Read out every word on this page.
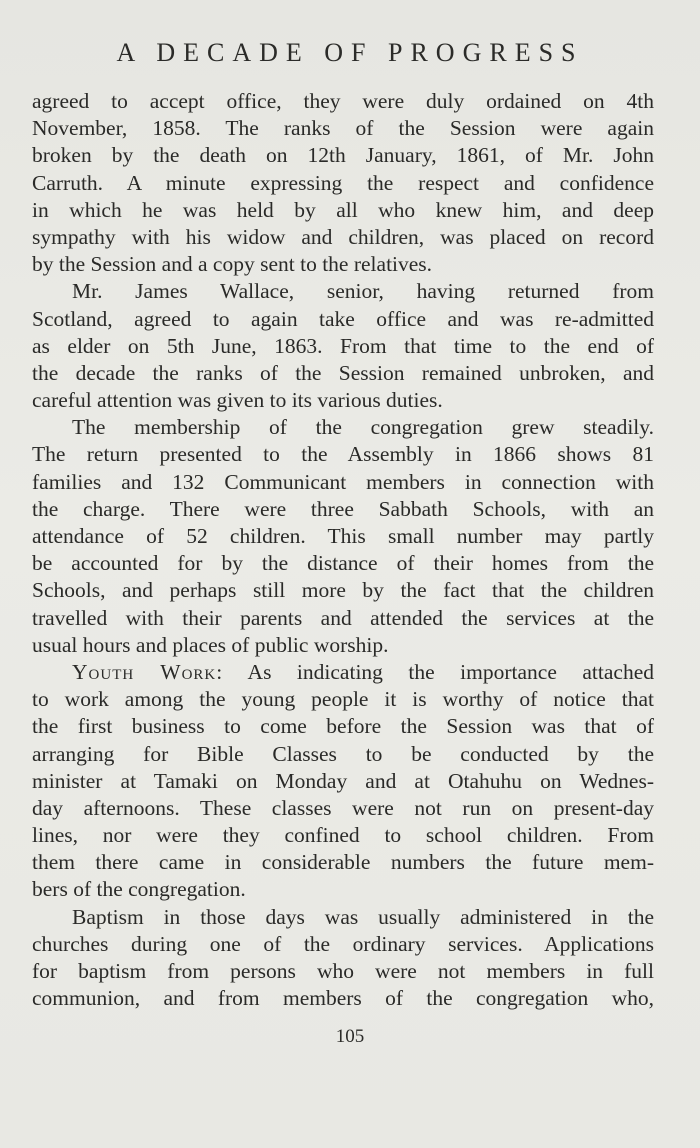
A DECADE OF PROGRESS
agreed to accept office, they were duly ordained on 4th
November, 1858. The ranks of the Session were again
broken by the death on 12th January, 1861, of Mr. John
Carruth. A minute expressing the respect and confidence
in which he was held by all who knew him, and deep
sympathy with his widow and children, was placed on record
by the Session and a copy sent to the relatives.
Mr. James Wallace, senior, having returned from
Scotland, agreed to again take office and was re-admitted
as elder on 5th June, 1863. From that time to the end of
the decade the ranks of the Session remained unbroken, and
careful attention was given to its various duties.
The membership of the congregation grew steadily.
The return presented to the Assembly in 1866 shows 81
families and 132 Communicant members in connection with
the charge. There were three Sabbath Schools, with an
attendance of 52 children. This small number may partly
be accounted for by the distance of their homes from the
Schools, and perhaps still more by the fact that the children
travelled with their parents and attended the services at the
usual hours and places of public worship.
Youth Work: As indicating the importance attached
to work among the young people it is worthy of notice that
the first business to come before the Session was that of
arranging for Bible Classes to be conducted by the
minister at Tamaki on Monday and at Otahuhu on Wednes-
day afternoons. These classes were not run on present-day
lines, nor were they confined to school children. From
them there came in considerable numbers the future mem-
bers of the congregation.
Baptism in those days was usually administered in the
churches during one of the ordinary services. Applications
for baptism from persons who were not members in full
communion, and from members of the congregation who,
105
